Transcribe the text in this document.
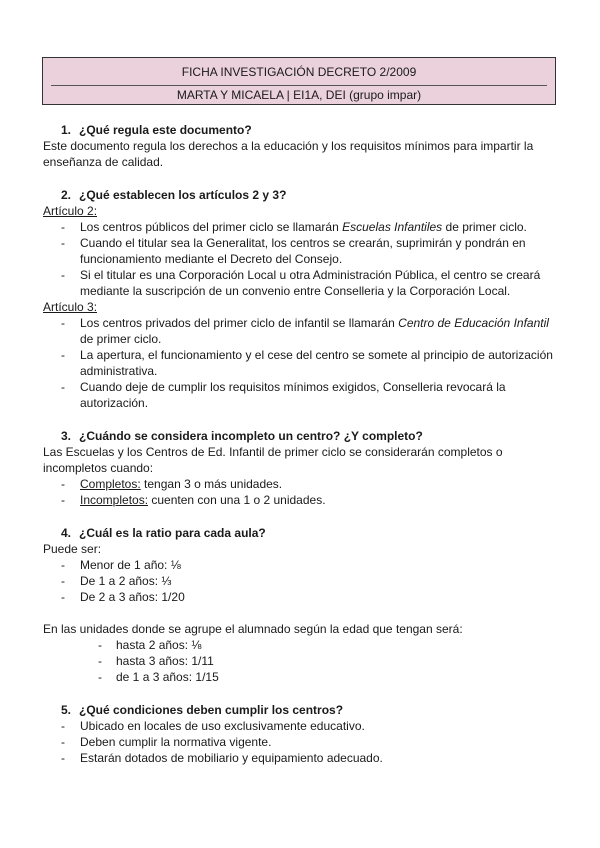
FICHA INVESTIGACIÓN DECRETO 2/2009
MARTA Y MICAELA | EI1A, DEI (grupo impar)

1. ¿Qué regula este documento?

Este documento regula los derechos a la educación y los requisitos mínimos para impartir la enseñanza de calidad.

2. ¿Qué establecen los artículos 2 y 3?

Artículo 2:

- Los centros públicos del primer ciclo se llamarán Escuelas Infantiles de primer ciclo.
- Cuando el titular sea la Generalitat, los centros se crearán, suprimirán y pondrán en funcionamiento mediante el Decreto del Consejo.
- Si el titular es una Corporación Local u otra Administración Pública, el centro se creará mediante la suscripción de un convenio entre Conselleria y la Corporación Local.

Artículo 3:

- Los centros privados del primer ciclo de infantil se llamarán Centro de Educación Infantil de primer ciclo.
- La apertura, el funcionamiento y el cese del centro se somete al principio de autorización administrativa.
- Cuando deje de cumplir los requisitos mínimos exigidos, Conselleria revocará la autorización.

3. ¿Cuándo se considera incompleto un centro? ¿Y completo?

Las Escuelas y los Centros de Ed. Infantil de primer ciclo se considerarán completos o incompletos cuando:

- Completos: tengan 3 o más unidades.
- Incompletos: cuenten con una 1 o 2 unidades.

4. ¿Cuál es la ratio para cada aula?

Puede ser:

- Menor de 1 año: ⅛
- De 1 a 2 años: ⅓
- De 2 a 3 años: 1/20

En las unidades donde se agrupe el alumnado según la edad que tengan será:

- hasta 2 años: ⅛
- hasta 3 años: 1/11
- de 1 a 3 años: 1/15

5. ¿Qué condiciones deben cumplir los centros?

- Ubicado en locales de uso exclusivamente educativo.
- Deben cumplir la normativa vigente.
- Estarán dotados de mobiliario y equipamiento adecuado.
